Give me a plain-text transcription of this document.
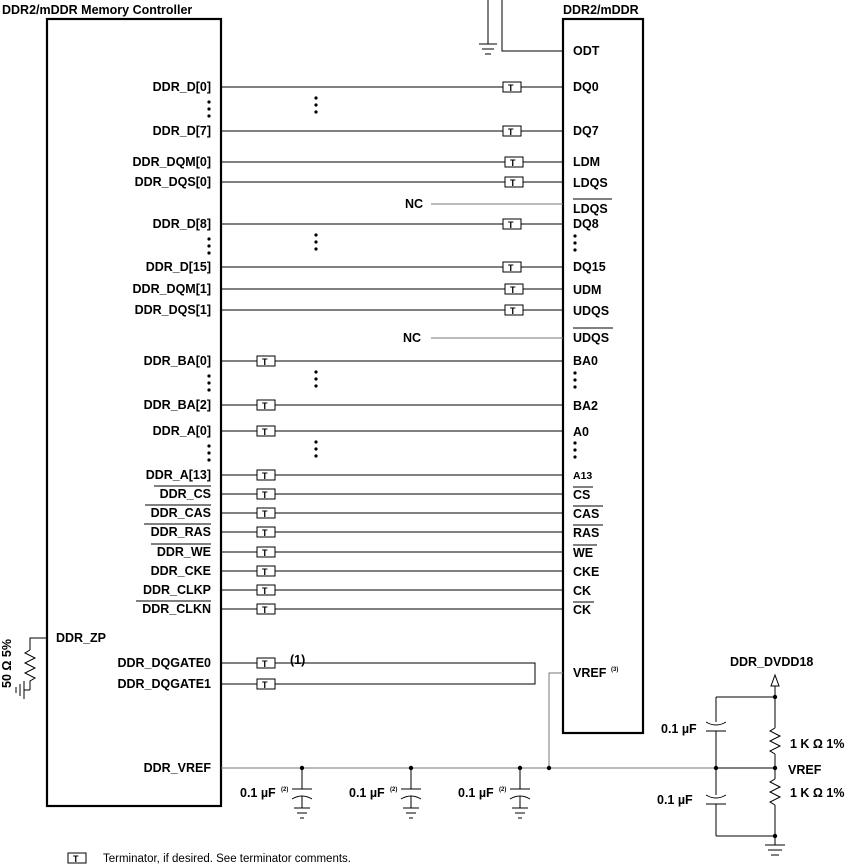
DDR2/mDDR Memory Controller	DDR2/mDDR
NC
NC
(1)
T
T
T
T
T
T
T
T
T
T
T
T
T
T
T
T
T
T
T
T
T
DDR_D[0]
DDR_D[7]
DDR_DQM[0]
DDR_DQS[0]
DDR_D[8]
DDR_D[15]
DDR_DQM[1]
DDR_DQS[1]
DDR_BA[0]
DDR_BA[2]
DDR_A[0]
DDR_A[13]
DDR_CS
DDR_CAS
DDR_RAS
DDR_WE
DDR_CKE
DDR_CLKP
DDR_CLKN
DDR_DQGATE0
DDR_DQGATE1
DDR_VREF
DDR_ZP
ODT
DQ0
DQ7
LDM
LDQS
LDQS
DQ8
DQ15
UDM
UDQS
UDQS
BA0
BA2
A0
A13
CS
CAS
RAS
WE
CKE
CK
CK
VREF (3)
50 Ω 5%
0.1 µF (2)	0.1 µF (2)	0.1 µF (2)
DDR_DVDD18
0.1 µF
0.1 µF
1 K Ω 1%
VREF
1 K Ω 1%
T Terminator, if desired. See terminator comments.
